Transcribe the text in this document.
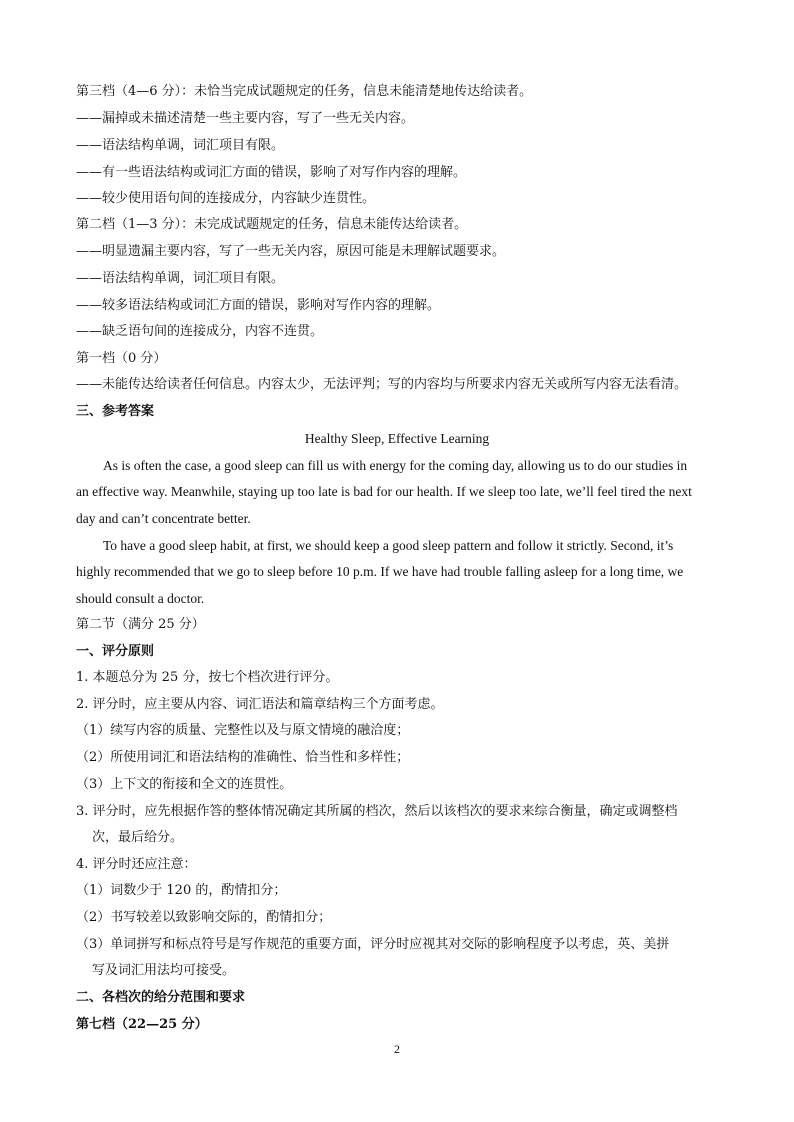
第三档（4—6 分）：未恰当完成试题规定的任务，信息未能清楚地传达给读者。
——漏掉或未描述清楚一些主要内容，写了一些无关内容。
——语法结构单调，词汇项目有限。
——有一些语法结构或词汇方面的错误，影响了对写作内容的理解。
——较少使用语句间的连接成分，内容缺少连贯性。
第二档（1—3 分）：未完成试题规定的任务，信息未能传达给读者。
——明显遗漏主要内容，写了一些无关内容，原因可能是未理解试题要求。
——语法结构单调，词汇项目有限。
——较多语法结构或词汇方面的错误，影响对写作内容的理解。
——缺乏语句间的连接成分，内容不连贯。
第一档（0 分）
——未能传达给读者任何信息。内容太少，无法评判；写的内容均与所要求内容无关或所写内容无法看清。
三、参考答案
Healthy Sleep, Effective Learning
As is often the case, a good sleep can fill us with energy for the coming day, allowing us to do our studies in
an effective way. Meanwhile, staying up too late is bad for our health. If we sleep too late, we’ll feel tired the next
day and can’t concentrate better.
To have a good sleep habit, at first, we should keep a good sleep pattern and follow it strictly. Second, it’s
highly recommended that we go to sleep before 10 p.m. If we have had trouble falling asleep for a long time, we
should consult a doctor.
第二节（满分 25 分）
一、评分原则
1. 本题总分为 25 分，按七个档次进行评分。
2. 评分时，应主要从内容、词汇语法和篇章结构三个方面考虑。
（1）续写内容的质量、完整性以及与原文情境的融洽度；
（2）所使用词汇和语法结构的准确性、恰当性和多样性；
（3）上下文的衔接和全文的连贯性。
3. 评分时，应先根据作答的整体情况确定其所属的档次，然后以该档次的要求来综合衡量，确定或调整档
次，最后给分。
4. 评分时还应注意：
（1）词数少于 120 的，酌情扣分；
（2）书写较差以致影响交际的，酌情扣分；
（3）单词拼写和标点符号是写作规范的重要方面，评分时应视其对交际的影响程度予以考虑，英、美拼
写及词汇用法均可接受。
二、各档次的给分范围和要求
第七档（22—25 分）
2
